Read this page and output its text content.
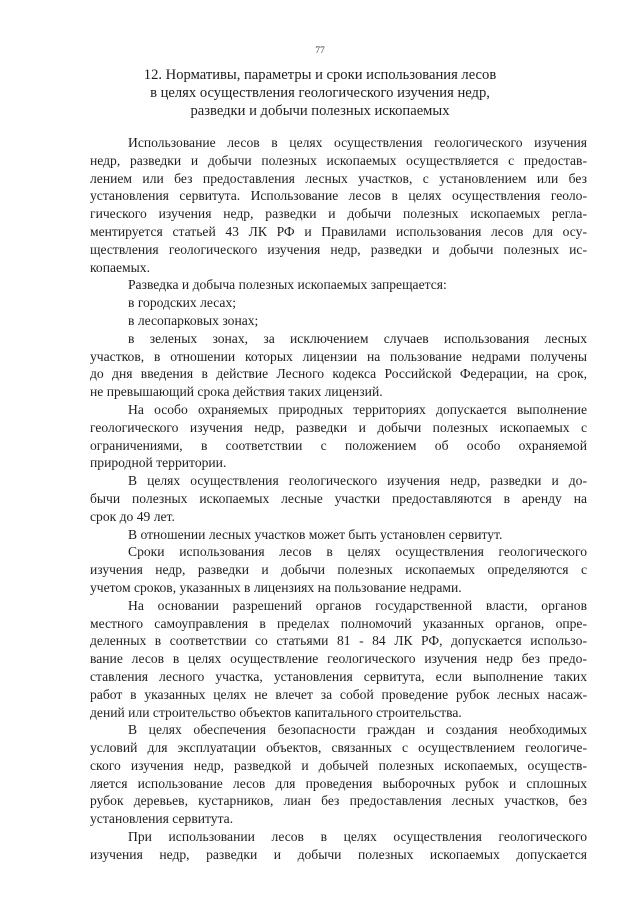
77
12. Нормативы, параметры и сроки использования лесов
в целях осуществления геологического изучения недр,
разведки и добычи полезных ископаемых
Использование лесов в целях осуществления геологического изучения
недр, разведки и добычи полезных ископаемых осуществляется с предостав-
лением или без предоставления лесных участков, с установлением или без
установления сервитута. Использование лесов в целях осуществления геоло-
гического изучения недр, разведки и добычи полезных ископаемых регла-
ментируется статьей 43 ЛК РФ и Правилами использования лесов для осу-
ществления геологического изучения недр, разведки и добычи полезных ис-
копаемых.
Разведка и добыча полезных ископаемых запрещается:
в городских лесах;
в лесопарковых зонах;
в зеленых зонах, за исключением случаев использования лесных
участков, в отношении которых лицензии на пользование недрами получены
до дня введения в действие Лесного кодекса Российской Федерации, на срок,
не превышающий срока действия таких лицензий.
На особо охраняемых природных территориях допускается выполнение
геологического изучения недр, разведки и добычи полезных ископаемых с
ограничениями, в соответствии с положением об особо охраняемой
природной территории.
В целях осуществления геологического изучения недр, разведки и до-
бычи полезных ископаемых лесные участки предоставляются в аренду на
срок до 49 лет.
В отношении лесных участков может быть установлен сервитут.
Сроки использования лесов в целях осуществления геологического
изучения недр, разведки и добычи полезных ископаемых определяются с
учетом сроков, указанных в лицензиях на пользование недрами.
На основании разрешений органов государственной власти, органов
местного самоуправления в пределах полномочий указанных органов, опре-
деленных в соответствии со статьями 81 - 84 ЛК РФ, допускается использо-
вание лесов в целях осуществление геологического изучения недр без предо-
ставления лесного участка, установления сервитута, если выполнение таких
работ в указанных целях не влечет за собой проведение рубок лесных насаж-
дений или строительство объектов капитального строительства.
В целях обеспечения безопасности граждан и создания необходимых
условий для эксплуатации объектов, связанных с осуществлением геологиче-
ского изучения недр, разведкой и добычей полезных ископаемых, осуществ-
ляется использование лесов для проведения выборочных рубок и сплошных
рубок деревьев, кустарников, лиан без предоставления лесных участков, без
установления сервитута.
При использовании лесов в целях осуществления геологического
изучения недр, разведки и добычи полезных ископаемых допускается
